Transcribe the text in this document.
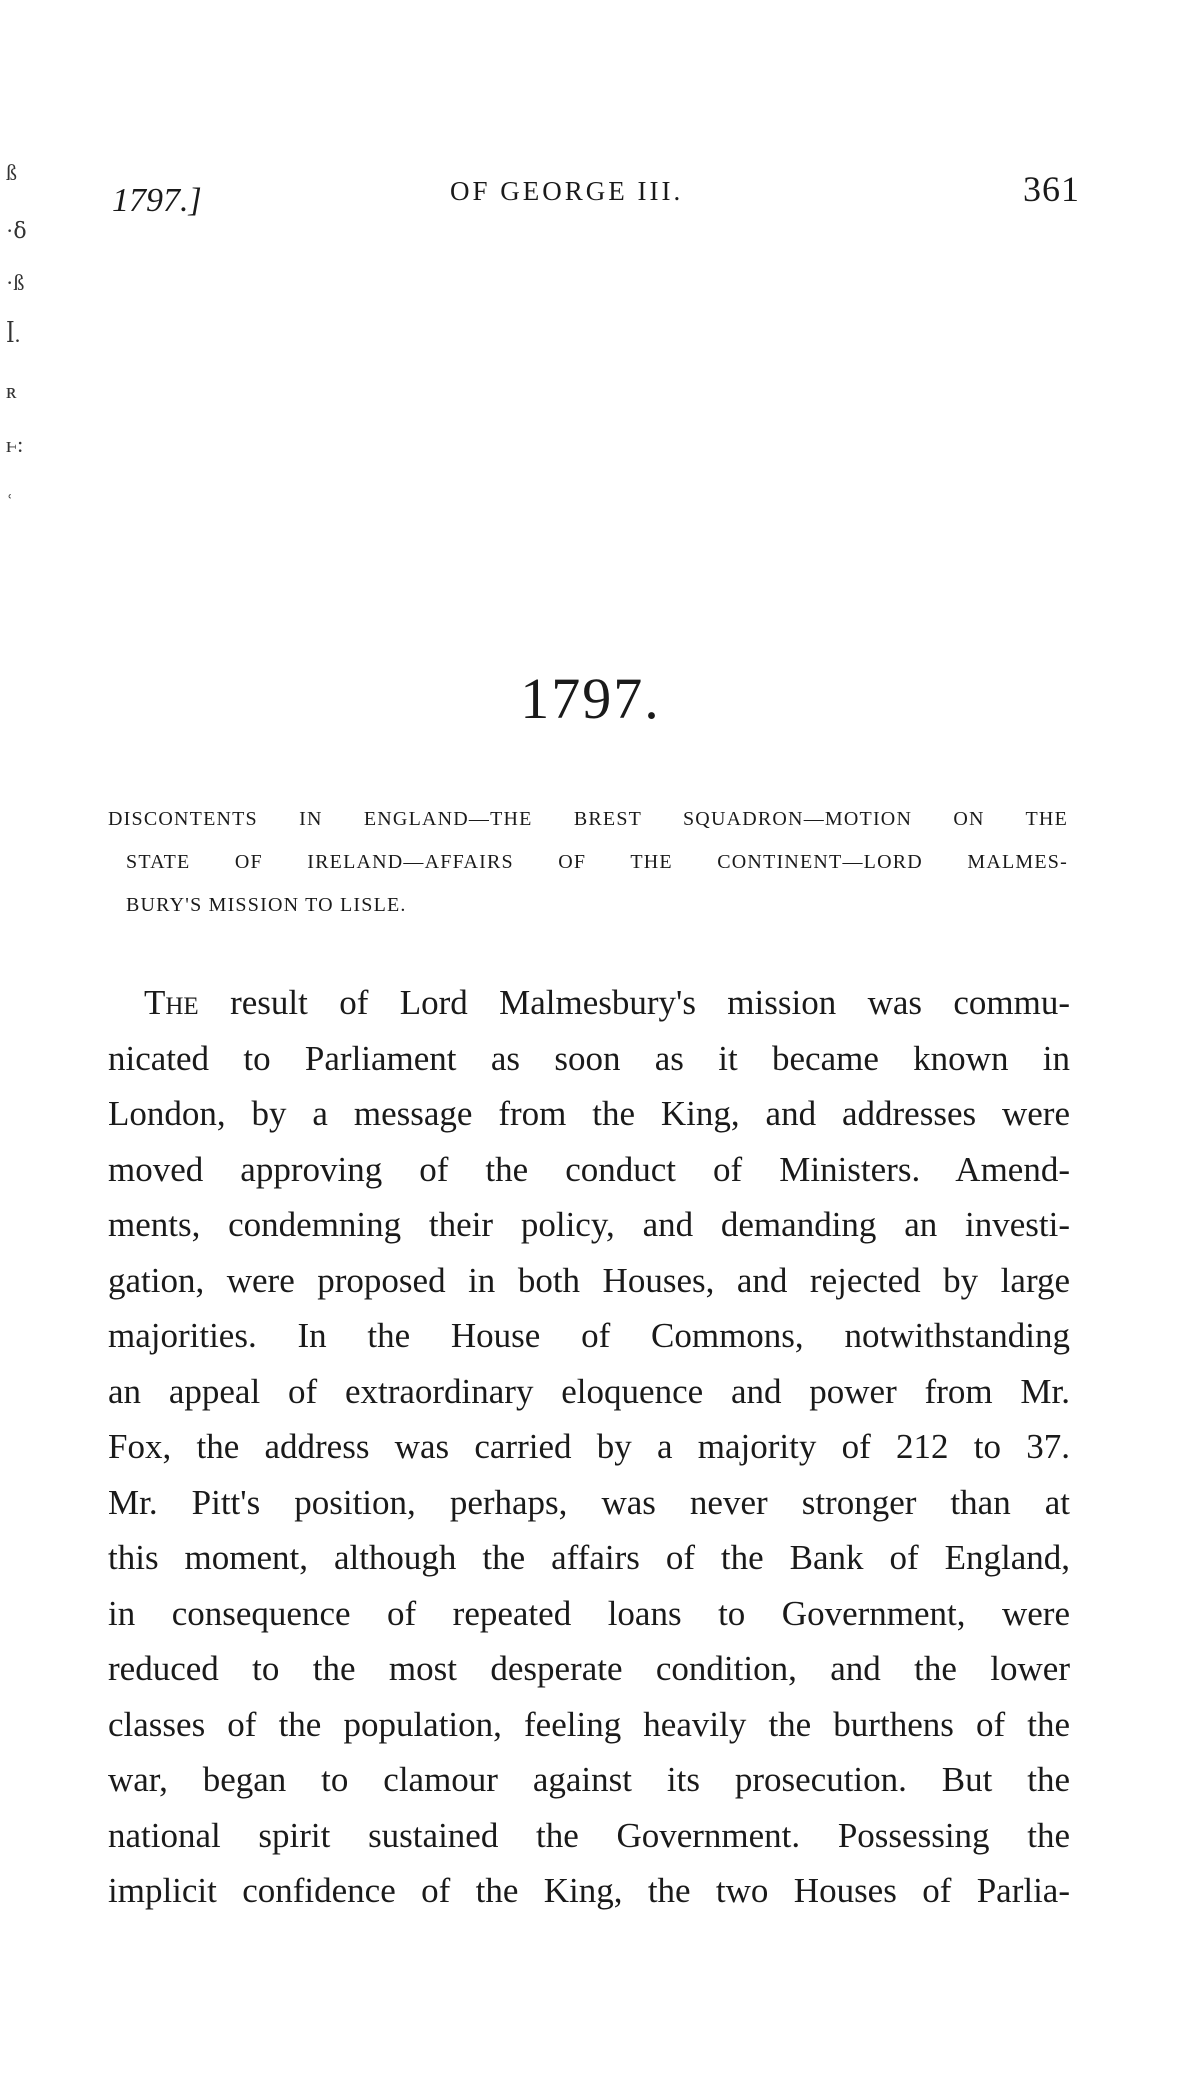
ß
·ẟ
·ß
ꟾ.
ʀ
ⱶ:
ʿ
1797.]	OF GEORGE III.	361
1797.
DISCONTENTS IN ENGLAND—THE BREST SQUADRON—MOTION ON THE
STATE OF IRELAND—AFFAIRS OF THE CONTINENT—LORD MALMES-
BURY'S MISSION TO LISLE.
The result of Lord Malmesbury's mission was commu-
nicated to Parliament as soon as it became known in
London, by a message from the King, and addresses were
moved approving of the conduct of Ministers. Amend-
ments, condemning their policy, and demanding an investi-
gation, were proposed in both Houses, and rejected by large
majorities. In the House of Commons, notwithstanding
an appeal of extraordinary eloquence and power from Mr.
Fox, the address was carried by a majority of 212 to 37.
Mr. Pitt's position, perhaps, was never stronger than at
this moment, although the affairs of the Bank of England,
in consequence of repeated loans to Government, were
reduced to the most desperate condition, and the lower
classes of the population, feeling heavily the burthens of the
war, began to clamour against its prosecution. But the
national spirit sustained the Government. Possessing the
implicit confidence of the King, the two Houses of Parlia-
